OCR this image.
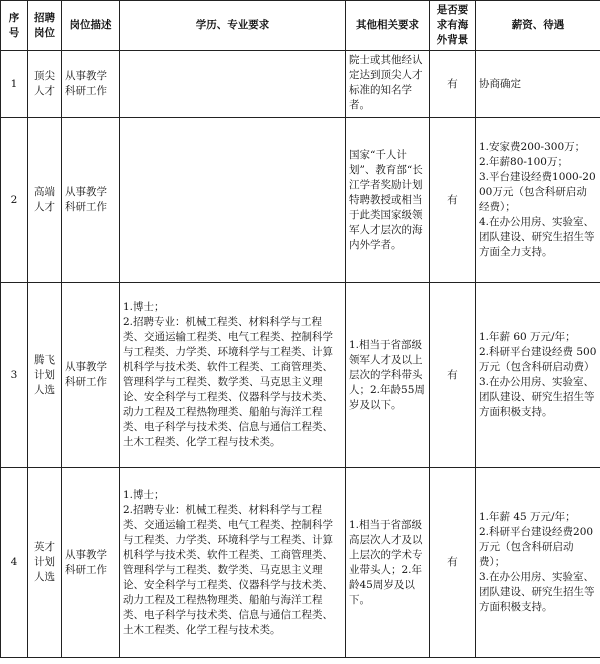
序号	招聘岗位	岗位描述	学历、专业要求	其他相关要求	是否要求有海外背景	薪资、待遇
1	顶尖人才	从事教学科研工作		院士或其他经认定达到顶尖人才标准的知名学者。	有	协商确定

2	高端人才	从事教学科研工作		国家“千人计划”、教育部“长江学者奖励计划特聘教授或相当于此类国家级领军人才层次的海内外学者。	有	1.安家费200-300万；
2.年薪80-100万；
3.平台建设经费1000-2000万元（包含科研启动经费）；
4.在办公用房、实验室、团队建设、研究生招生等方面全力支持。

3	腾飞计划人选	从事教学科研工作	1.博士；
2.招聘专业：机械工程类、材料科学与工程类、交通运输工程类、电气工程类、控制科学与工程类、力学类、环境科学与工程类、计算机科学与技术类、软件工程类、工商管理类、管理科学与工程类、数学类、马克思主义理论、安全科学与工程类、仪器科学与技术类、动力工程及工程热物理类、船舶与海洋工程类、电子科学与技术类、信息与通信工程类、土木工程类、化学工程与技术类。	1.相当于省部级领军人才及以上层次的学科带头人；2.年龄55周岁及以下。	有	1.年薪 60 万元/年；
2.科研平台建设经费 500 万元（包含科研启动费）
3.在办公用房、实验室、团队建设、研究生招生等方面积极支持。

4	英才计划人选	从事教学科研工作	1.博士；
2.招聘专业：机械工程类、材料科学与工程类、交通运输工程类、电气工程类、控制科学与工程类、力学类、环境科学与工程类、计算机科学与技术类、软件工程类、工商管理类、管理科学与工程类、数学类、马克思主义理论、安全科学与工程类、仪器科学与技术类、动力工程及工程热物理类、船舶与海洋工程类、电子科学与技术类、信息与通信工程类、土木工程类、化学工程与技术类。	1.相当于省部级高层次人才及以上层次的学术专业带头人；2.年龄45周岁及以下。	有	1.年薪 45 万元/年；
2.科研平台建设经费200 万元（包含科研启动费）；
3.在办公用房、实验室、团队建设、研究生招生等方面积极支持。
